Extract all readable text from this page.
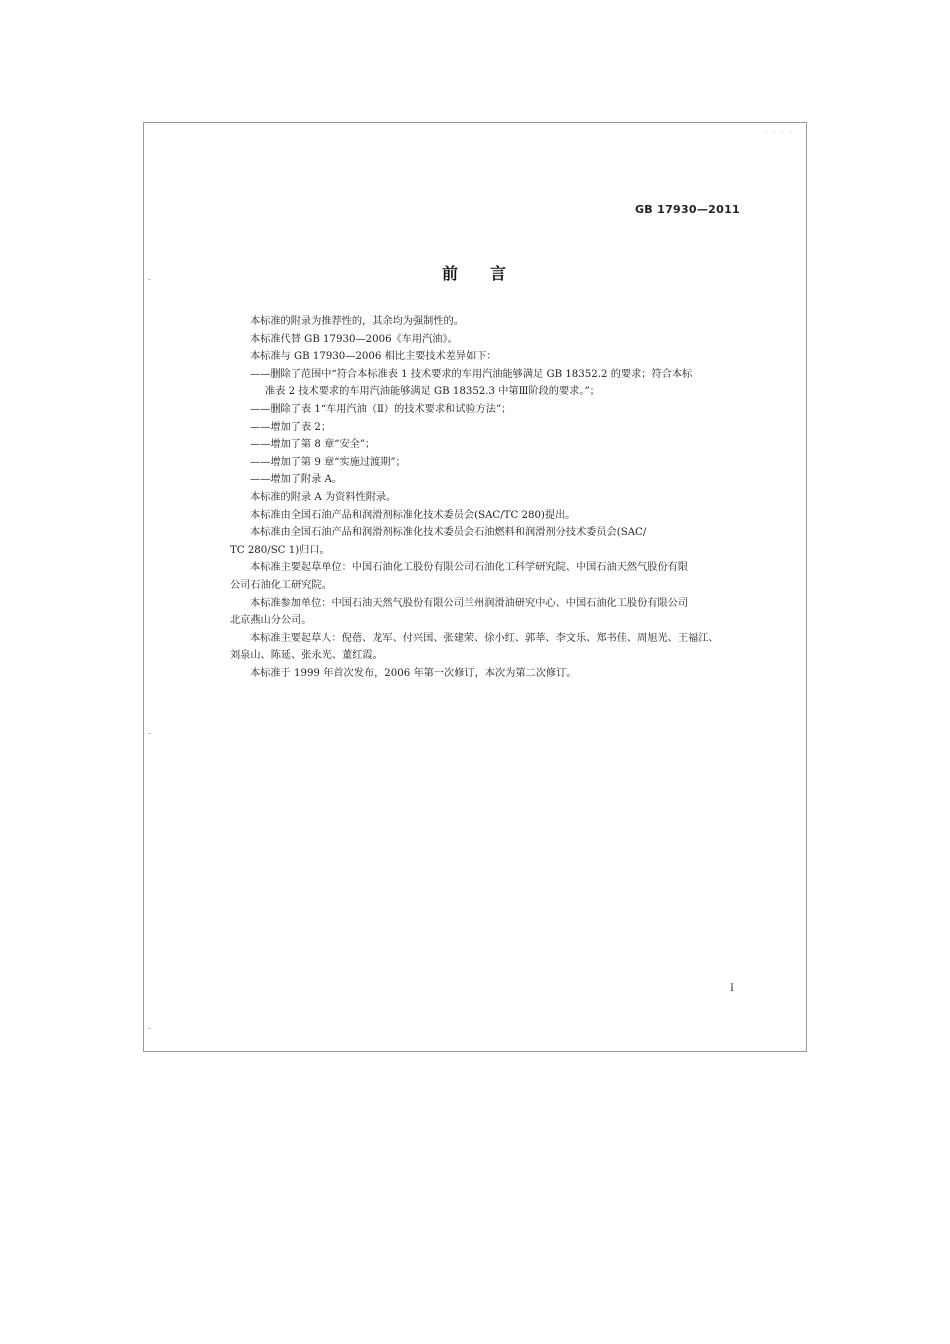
· · · ·
GB 17930—2011
前 言

本标准的附录为推荐性的，其余均为强制性的。

本标准代替 GB 17930—2006《车用汽油》。

本标准与 GB 17930—2006 相比主要技术差异如下：

——删除了范围中“符合本标准表 1 技术要求的车用汽油能够满足 GB 18352.2 的要求；符合本标

准表 2 技术要求的车用汽油能够满足 GB 18352.3 中第Ⅲ阶段的要求。”；

——删除了表 1“车用汽油（Ⅱ）的技术要求和试验方法”；

——增加了表 2；

——增加了第 8 章“安全”；

——增加了第 9 章“实施过渡期”；

——增加了附录 A。

本标准的附录 A 为资料性附录。

本标准由全国石油产品和润滑剂标准化技术委员会(SAC/TC 280)提出。

本标准由全国石油产品和润滑剂标准化技术委员会石油燃料和润滑剂分技术委员会(SAC/

TC 280/SC 1)归口。

本标准主要起草单位：中国石油化工股份有限公司石油化工科学研究院、中国石油天然气股份有限

公司石油化工研究院。

本标准参加单位：中国石油天然气股份有限公司兰州润滑油研究中心、中国石油化工股份有限公司

北京燕山分公司。

本标准主要起草人：倪蓓、龙军、付兴国、张建荣、徐小红、郭莘、李文乐、郑书佳、周旭光、王福江、

刘泉山、陈延、张永光、董红霞。

本标准于 1999 年首次发布，2006 年第一次修订，本次为第二次修订。

I
